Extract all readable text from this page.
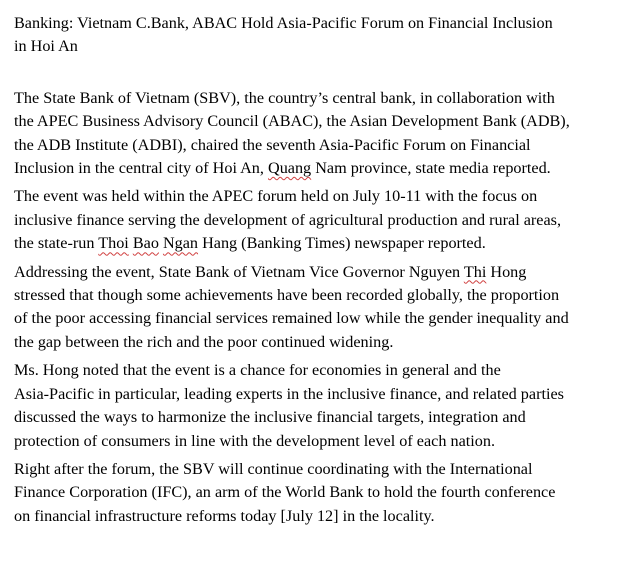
Banking: Vietnam C.Bank, ABAC Hold Asia-Pacific Forum on Financial Inclusion
in Hoi An
The State Bank of Vietnam (SBV), the country’s central bank, in collaboration with
the APEC Business Advisory Council (ABAC), the Asian Development Bank (ADB),
the ADB Institute (ADBI), chaired the seventh Asia-Pacific Forum on Financial
Inclusion in the central city of Hoi An, Quang Nam province, state media reported.
The event was held within the APEC forum held on July 10-11 with the focus on
inclusive finance serving the development of agricultural production and rural areas,
the state-run Thoi Bao Ngan Hang (Banking Times) newspaper reported.
Addressing the event, State Bank of Vietnam Vice Governor Nguyen Thi Hong
stressed that though some achievements have been recorded globally, the proportion
of the poor accessing financial services remained low while the gender inequality and
the gap between the rich and the poor continued widening.
Ms. Hong noted that the event is a chance for economies in general and the
Asia-Pacific in particular, leading experts in the inclusive finance, and related parties
discussed the ways to harmonize the inclusive financial targets, integration and
protection of consumers in line with the development level of each nation.
Right after the forum, the SBV will continue coordinating with the International
Finance Corporation (IFC), an arm of the World Bank to hold the fourth conference
on financial infrastructure reforms today [July 12] in the locality.
